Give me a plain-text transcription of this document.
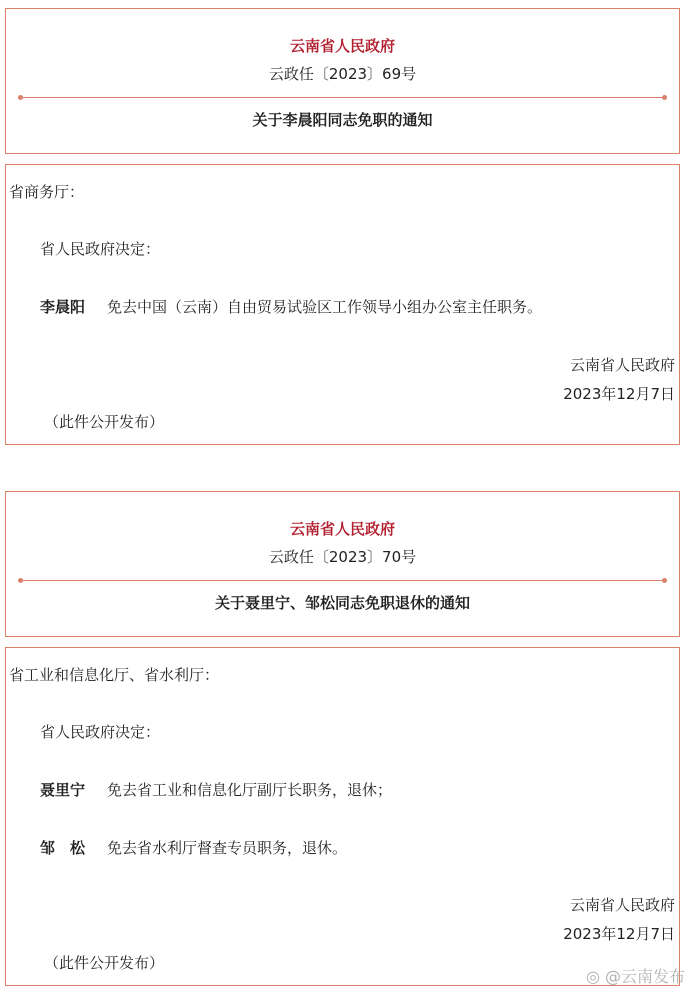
云南省人民政府
云政任〔2023〕69号
关于李晨阳同志免职的通知
省商务厅：
省人民政府决定：
李晨阳 免去中国（云南）自由贸易试验区工作领导小组办公室主任职务。
云南省人民政府
2023年12月7日
（此件公开发布）
云南省人民政府
云政任〔2023〕70号
关于聂里宁、邹松同志免职退休的通知
省工业和信息化厅、省水利厅：
省人民政府决定：
聂里宁 免去省工业和信息化厅副厅长职务，退休；
邹　松 免去省水利厅督查专员职务，退休。
云南省人民政府
2023年12月7日
（此件公开发布）
◎ @云南发布
